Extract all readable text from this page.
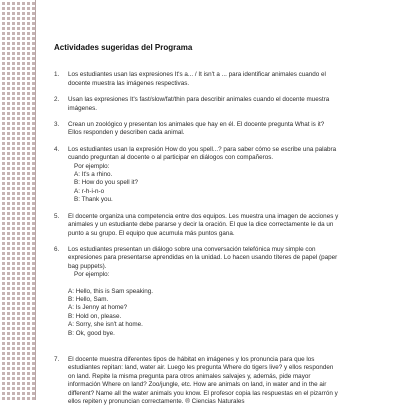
Actividades sugeridas del Programa
1.	Los estudiantes usan las expresiones It's a... / It isn't a ... para identificar animales cuando el
docente muestra las imágenes respectivas.
2.	Usan las expresiones It's fast/slow/fat/thin para describir animales cuando el docente muestra
imágenes.
3.	Crean un zoológico y presentan los animales que hay en él. El docente pregunta What is it?
Ellos responden y describen cada animal.
4.	Los estudiantes usan la expresión How do you spell...? para saber cómo se escribe una palabra
cuando preguntan al docente o al participar en diálogos con compañeros.
Por ejemplo:
A: It's a rhino.
B: How do you spell it?
A: r-h-i-n-o
B: Thank you.
5.	El docente organiza una competencia entre dos equipos. Les muestra una imagen de acciones y
animales y un estudiante debe pararse y decir la oración. El que la dice correctamente le da un
punto a su grupo. El equipo que acumula más puntos gana.
6.	Los estudiantes presentan un diálogo sobre una conversación telefónica muy simple con
expresiones para presentarse aprendidas en la unidad. Lo hacen usando títeres de papel (paper
bag puppets).
Por ejemplo:
A: Hello, this is Sam speaking.
B: Hello, Sam.
A: Is Jenny at home?
B: Hold on, please.
A: Sorry, she isn't at home.
B: Ok, good bye.
7.	El docente muestra diferentes tipos de hábitat en imágenes y los pronuncia para que los
estudiantes repitan: land, water air. Luego les pregunta Where do tigers live? y ellos responden
on land. Repite la misma pregunta para otros animales salvajes y, además, pide mayor
información Where on land? Zoo/jungle, etc. How are animals on land, in water and in the air
different? Name all the water animals you know. El profesor copia las respuestas en el pizarrón y
ellos repiten y pronuncian correctamente. ® Ciencias Naturales
